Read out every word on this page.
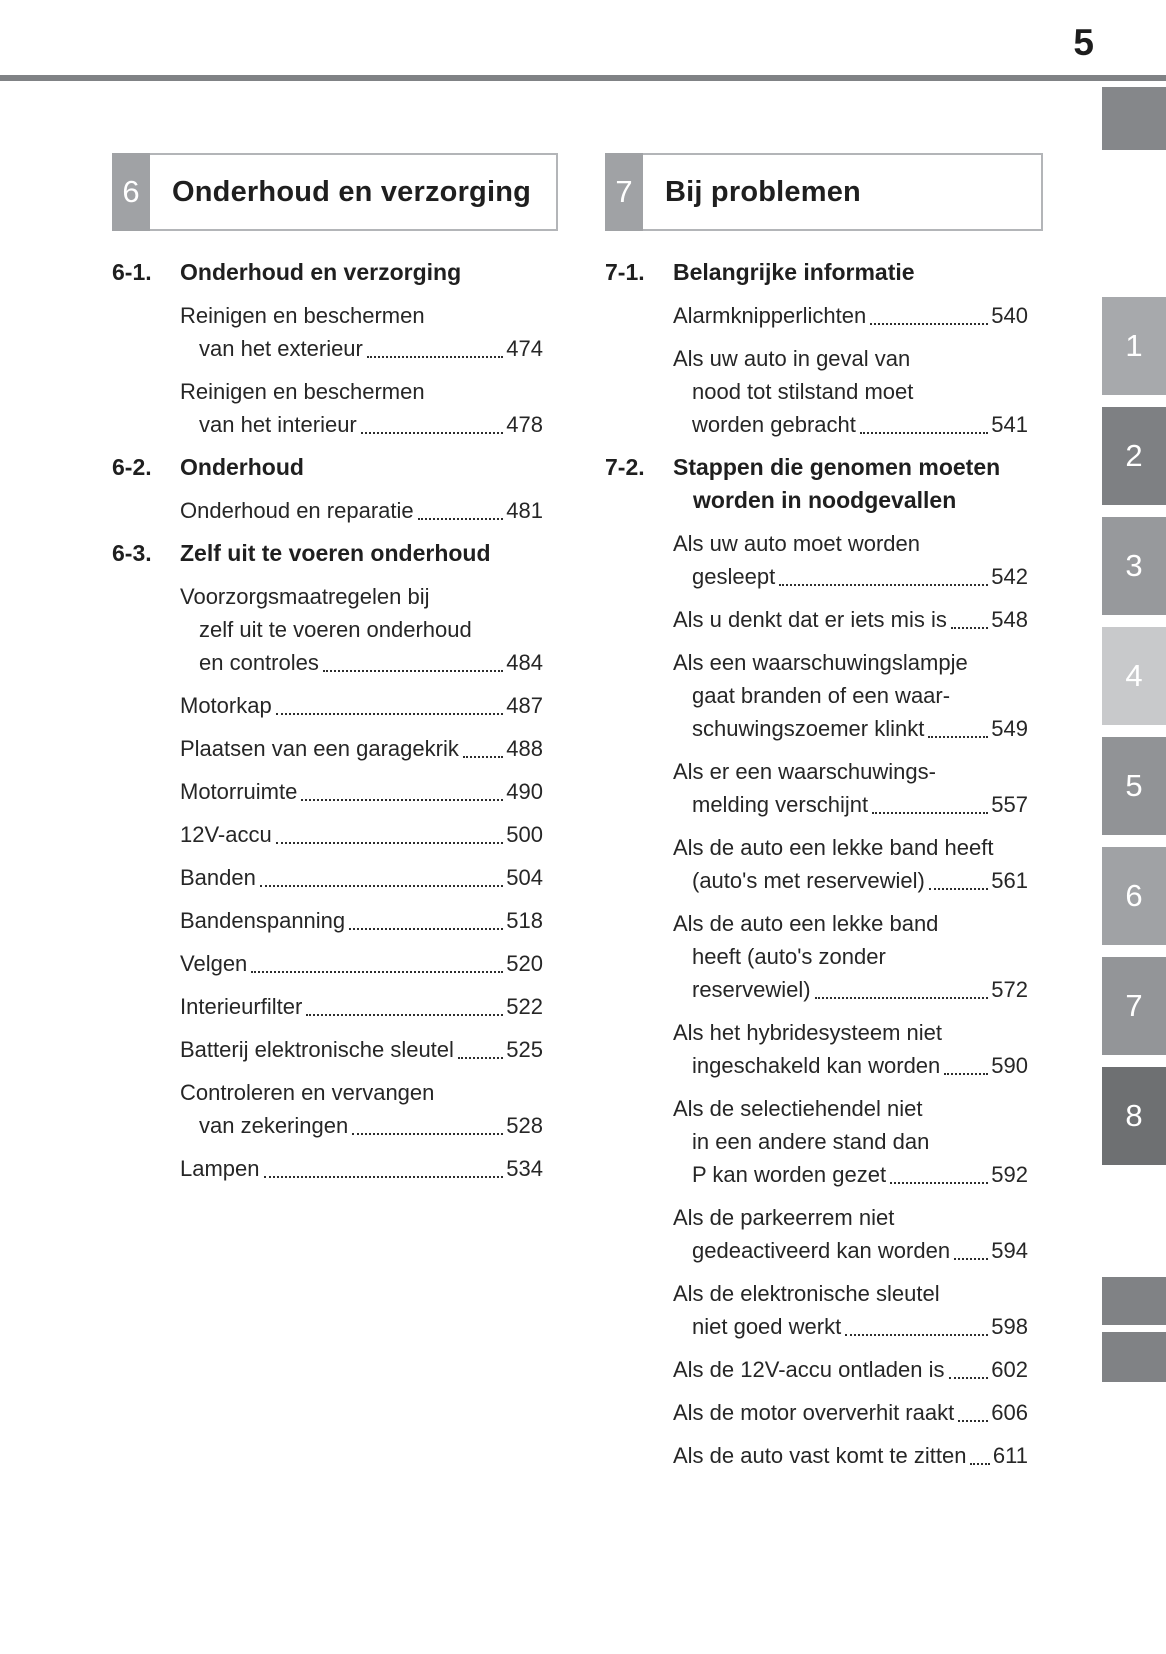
5
6	Onderhoud en verzorging	7	Bij problemen
6-1.	Onderhoud en verzorging
Reinigen en beschermen
van het exterieur	474
Reinigen en beschermen
van het interieur	478
6-2.	Onderhoud
Onderhoud en reparatie	481
6-3.	Zelf uit te voeren onderhoud
Voorzorgsmaatregelen bij
zelf uit te voeren onderhoud
en controles	484
Motorkap	487
Plaatsen van een garagekrik 488
Motorruimte	490
12V-accu	500
Banden	504
Bandenspanning	518
Velgen	520
Interieurfilter	522
Batterij elektronische sleutel 525
Controleren en vervangen
van zekeringen	528
Lampen	534
7-1.	Belangrijke informatie
Alarmknipperlichten	540
Als uw auto in geval van
nood tot stilstand moet
worden gebracht	541
7-2.	Stappen die genomen moeten
worden in noodgevallen
Als uw auto moet worden
gesleept	542
Als u denkt dat er iets mis is 548
Als een waarschuwingslampje
gaat branden of een waar-
schuwingszoemer klinkt	549
Als er een waarschuwings-
melding verschijnt	557
Als de auto een lekke band heeft
(auto's met reservewiel)	561
Als de auto een lekke band
heeft (auto's zonder
reservewiel)	572
Als het hybridesysteem niet
ingeschakeld kan worden 590
Als de selectiehendel niet
in een andere stand dan
P kan worden gezet	592
Als de parkeerrem niet
gedeactiveerd kan worden 594
Als de elektronische sleutel
niet goed werkt	598
Als de 12V-accu ontladen is 602
Als de motor oververhit raakt 606
Als de auto vast komt te zitten 611
1
2
3
4
5
6
7
8
